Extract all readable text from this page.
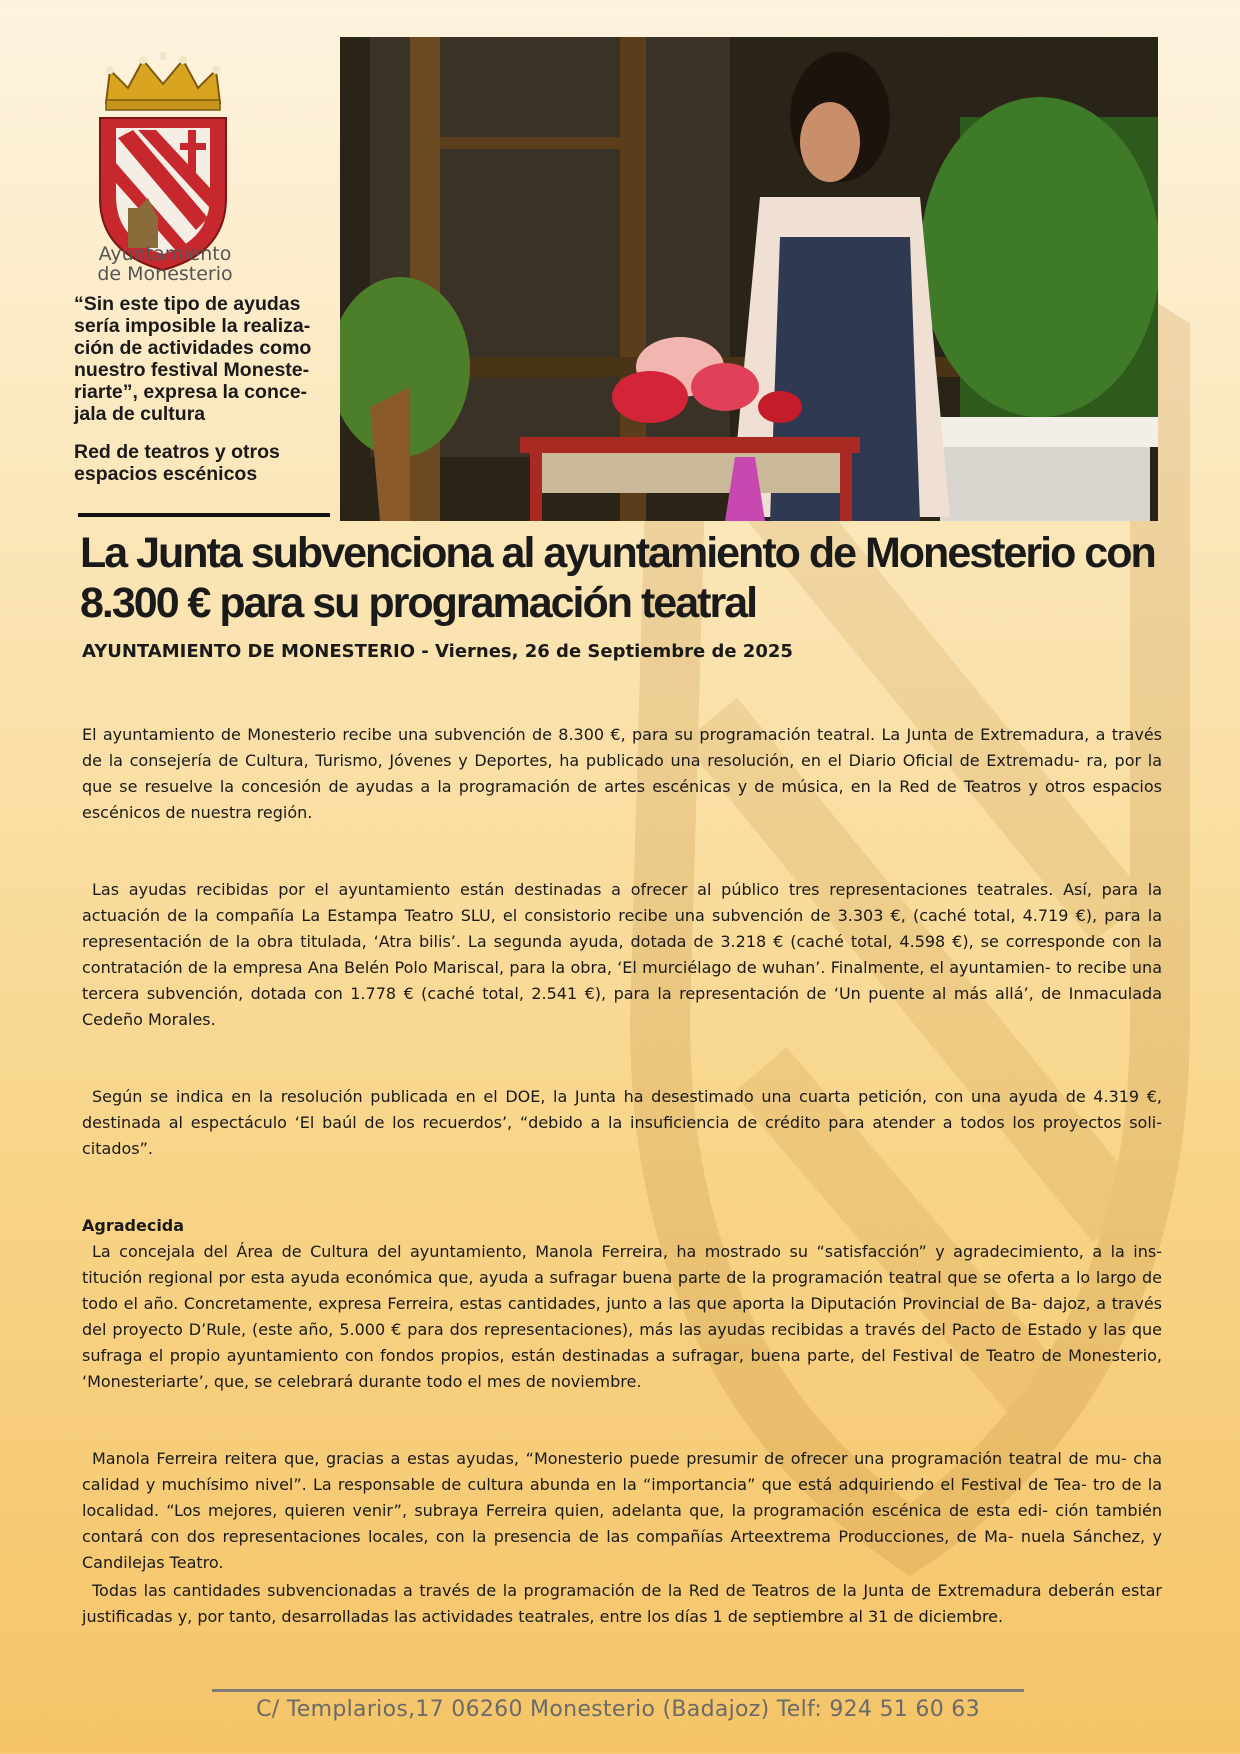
Ayuntamiento
de Monesterio

“Sin este tipo de ayudas sería imposible la realiza- ción de actividades como nuestro festival Moneste- riarte”, expresa la conce- jala de cultura

Red de teatros y otros espacios escénicos

La Junta subvenciona al ayuntamiento de Monesterio con 8.300 € para su programación teatral

AYUNTAMIENTO DE MONESTERIO - Viernes, 26 de Septiembre de 2025

El ayuntamiento de Monesterio recibe una subvención de 8.300 €, para su programación teatral. La Junta de Extremadura, a través de la consejería de Cultura, Turismo, Jóvenes y Deportes, ha publicado una resolución, en el Diario Oficial de Extremadu- ra, por la que se resuelve la concesión de ayudas a la programación de artes escénicas y de música, en la Red de Teatros y otros espacios escénicos de nuestra región.

Las ayudas recibidas por el ayuntamiento están destinadas a ofrecer al público tres representaciones teatrales. Así, para la actuación de la compañía La Estampa Teatro SLU, el consistorio recibe una subvención de 3.303 €, (caché total, 4.719 €), para la representación de la obra titulada, ‘Atra bilis’. La segunda ayuda, dotada de 3.218 € (caché total, 4.598 €), se corresponde con la contratación de la empresa Ana Belén Polo Mariscal, para la obra, ‘El murciélago de wuhan’. Finalmente, el ayuntamien- to recibe una tercera subvención, dotada con 1.778 € (caché total, 2.541 €), para la representación de ‘Un puente al más allá’, de Inmaculada Cedeño Morales.

Según se indica en la resolución publicada en el DOE, la Junta ha desestimado una cuarta petición, con una ayuda de 4.319 €, destinada al espectáculo ‘El baúl de los recuerdos’, “debido a la insuficiencia de crédito para atender a todos los proyectos soli- citados”.

Agradecida

La concejala del Área de Cultura del ayuntamiento, Manola Ferreira, ha mostrado su “satisfacción” y agradecimiento, a la ins- titución regional por esta ayuda económica que, ayuda a sufragar buena parte de la programación teatral que se oferta a lo largo de todo el año. Concretamente, expresa Ferreira, estas cantidades, junto a las que aporta la Diputación Provincial de Ba- dajoz, a través del proyecto D’Rule, (este año, 5.000 € para dos representaciones), más las ayudas recibidas a través del Pacto de Estado y las que sufraga el propio ayuntamiento con fondos propios, están destinadas a sufragar, buena parte, del Festival de Teatro de Monesterio, ‘Monesteriarte’, que, se celebrará durante todo el mes de noviembre.

Manola Ferreira reitera que, gracias a estas ayudas, “Monesterio puede presumir de ofrecer una programación teatral de mu- cha calidad y muchísimo nivel”. La responsable de cultura abunda en la “importancia” que está adquiriendo el Festival de Tea- tro de la localidad. “Los mejores, quieren venir”, subraya Ferreira quien, adelanta que, la programación escénica de esta edi- ción también contará con dos representaciones locales, con la presencia de las compañías Arteextrema Producciones, de Ma- nuela Sánchez, y Candilejas Teatro.

Todas las cantidades subvencionadas a través de la programación de la Red de Teatros de la Junta de Extremadura deberán estar justificadas y, por tanto, desarrolladas las actividades teatrales, entre los días 1 de septiembre al 31 de diciembre.

C/ Templarios,17 06260 Monesterio (Badajoz) Telf: 924 51 60 63
